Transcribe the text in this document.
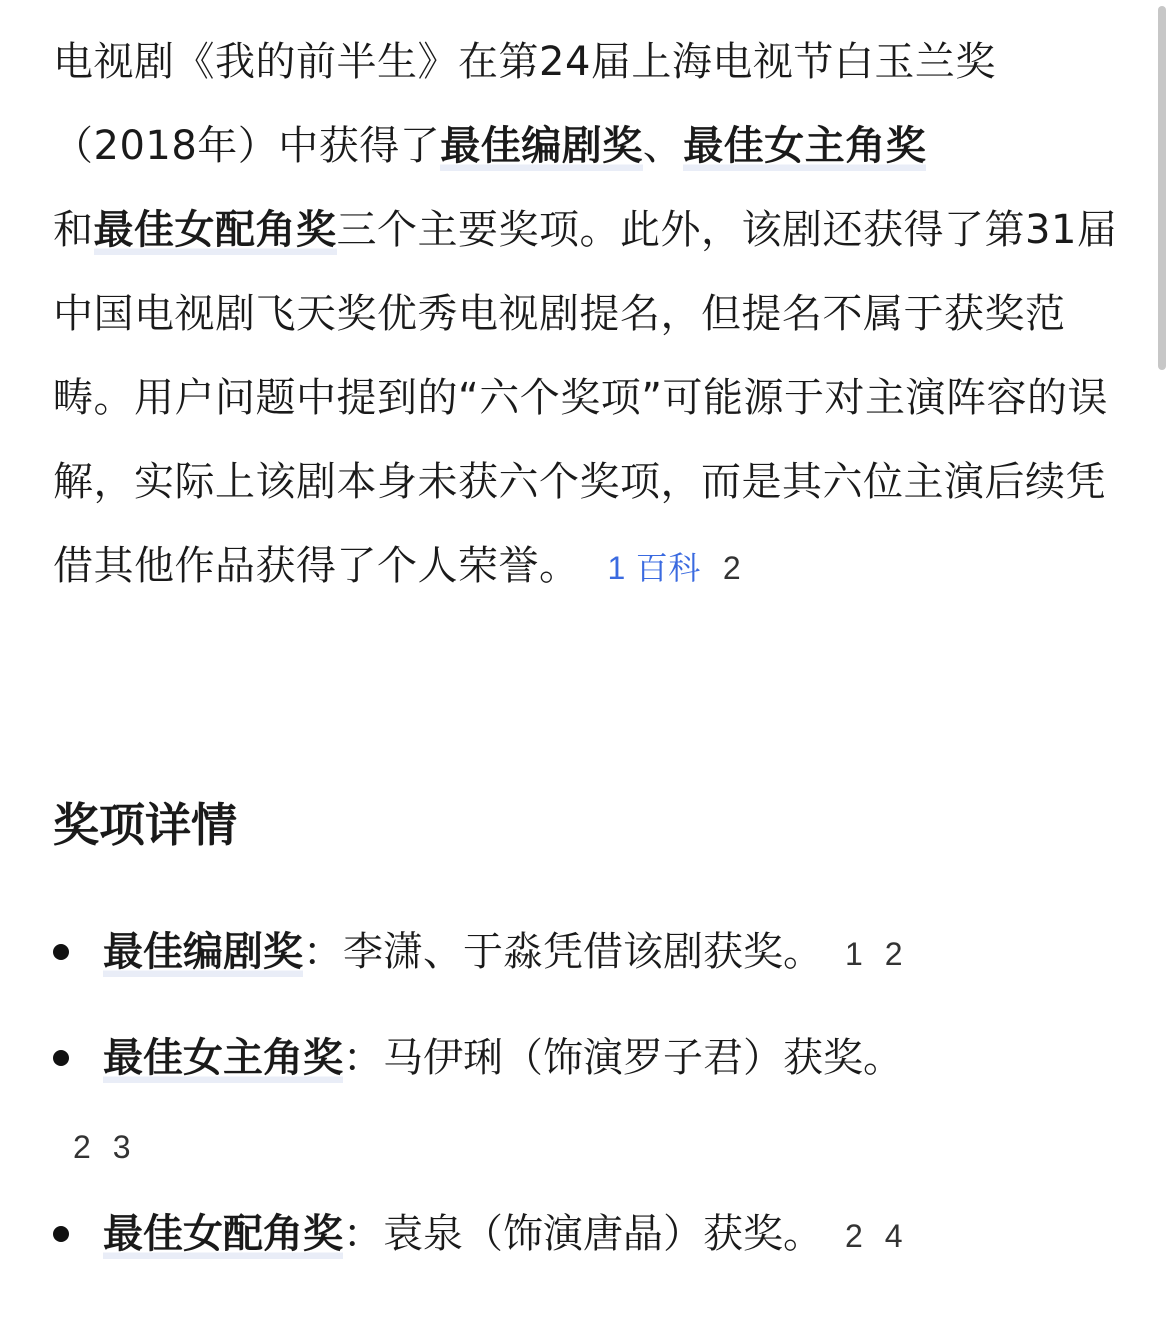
电视剧《我的前半生》在第24届上海电视节白玉兰奖（2018年）中获得了最佳编剧奖、最佳女主角奖
和最佳女配角奖三个主要奖项。此外，该剧还获得了第31届中国电视剧飞天奖优秀电视剧提名，但提名不属于获奖范畴。用户问题中提到的“六个奖项”可能源于对主演阵容的误解，实际上该剧本身未获六个奖项，而是其六位主演后续凭借其他作品获得了个人荣誉。 1 百科 2

奖项详情
最佳编剧奖：李潇、于淼凭借该剧获奖。 1 2
最佳女主角奖：马伊琍（饰演罗子君）获奖。
2 3
最佳女配角奖：袁泉（饰演唐晶）获奖。 2 4
